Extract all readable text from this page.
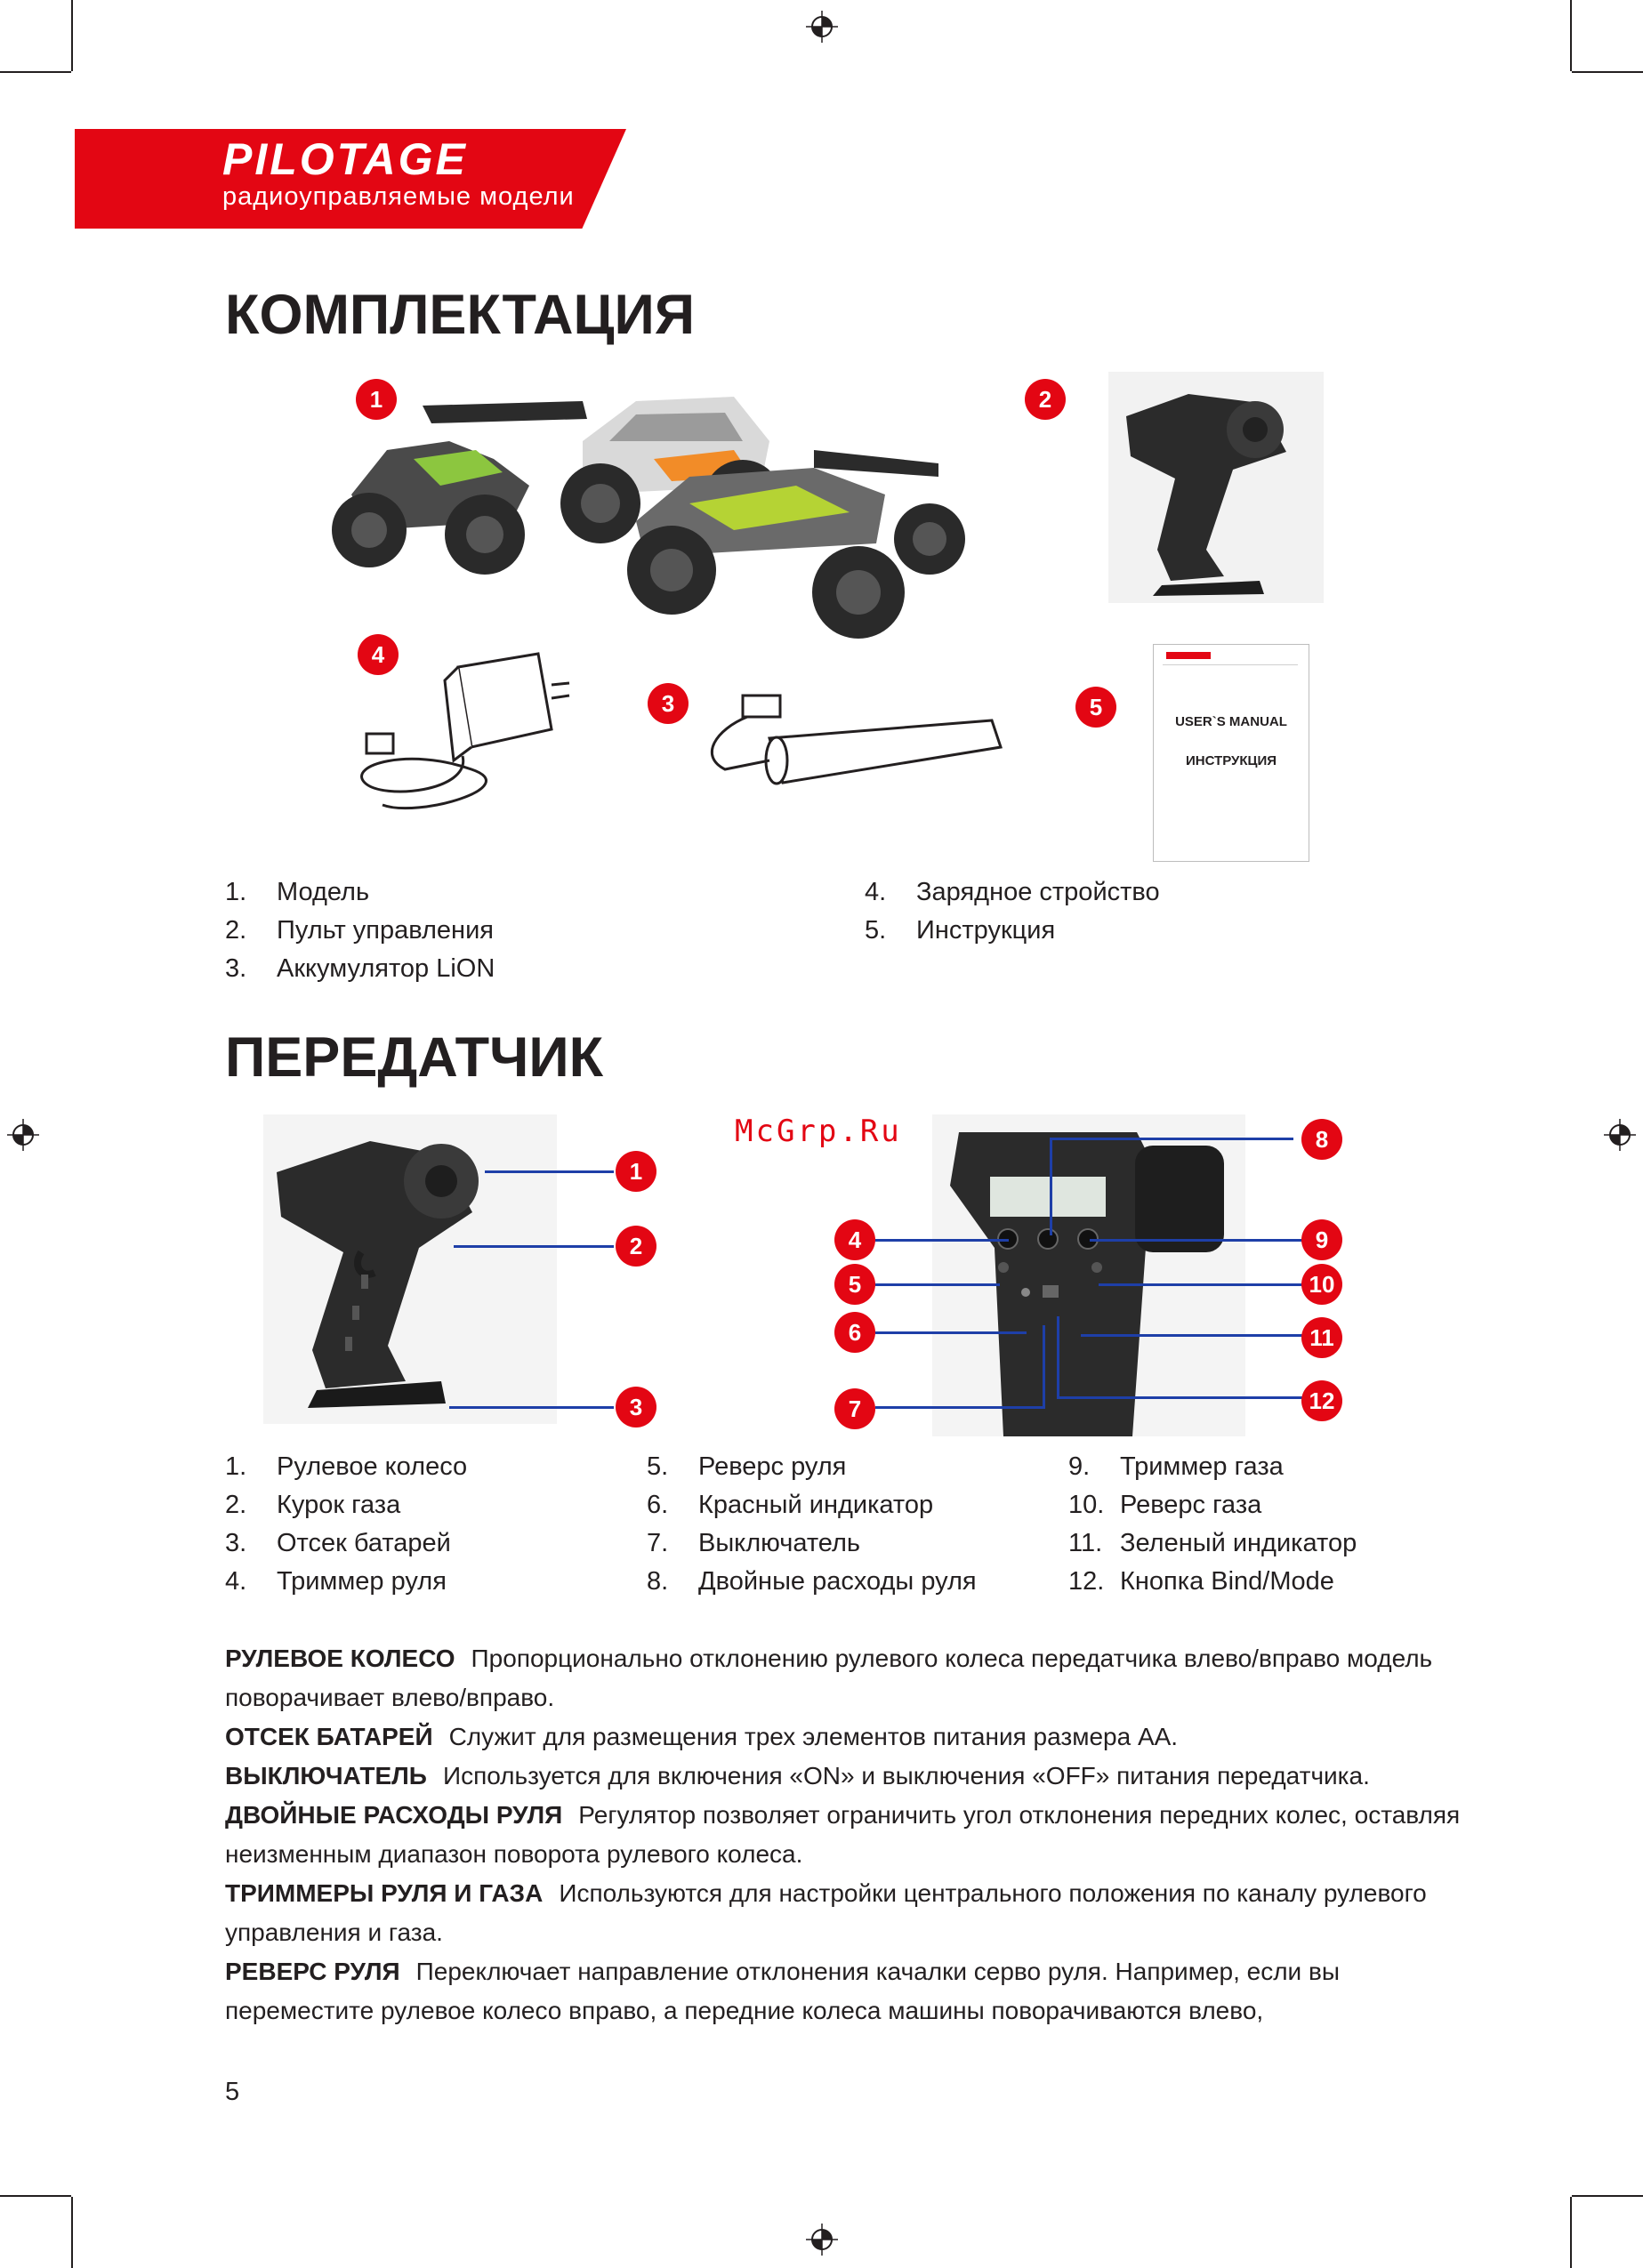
PILOTAGE
радиоуправляемые модели
КОМПЛЕКТАЦИЯ
USER`S MANUAL
ИНСТРУКЦИЯ
1	2
4
3	5
1. Модель
2. Пульт управления
3. Аккумулятор LiON
4. Зарядное стройство
5. Инструкция
ПЕРЕДАТЧИК
McGrp.Ru
1
2
3
8
4	9
5	10
6	11
7	12
1. Рулевое колесо
2. Курок газа
3. Отсек батарей
4. Триммер руля
5. Реверс руля
6. Красный индикатор
7. Выключатель
8. Двойные расходы руля
9. Триммер газа
10. Реверс газа
11. Зеленый индикатор
12. Кнопка Bind/Mode

РУЛЕВОЕ КОЛЕСО Пропорционально отклонению рулевого колеса передатчика влево/вправо модель поворачивает влево/вправо.

ОТСЕК БАТАРЕЙ Служит для размещения трех элементов питания размера АА.

ВЫКЛЮЧАТЕЛЬ Используется для включения «ON» и выключения «OFF» питания передатчика.

ДВОЙНЫЕ РАСХОДЫ РУЛЯ Регулятор позволяет ограничить угол отклонения передних колес, оставляя неизменным диапазон поворота рулевого колеса.

ТРИММЕРЫ РУЛЯ И ГАЗА Используются для настройки центрального положения по каналу рулевого управления и газа.

РЕВЕРС РУЛЯ Переключает направление отклонения качалки серво руля. Например, если вы переместите рулевое колесо вправо, а передние колеса машины поворачиваются влево,

5
